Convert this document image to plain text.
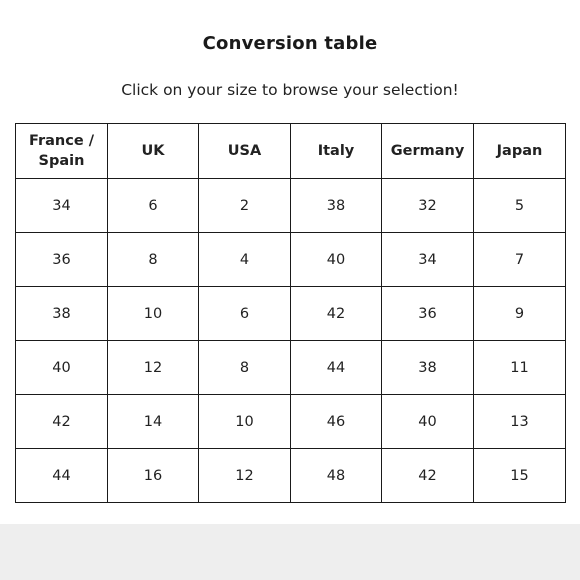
Conversion table
Click on your size to browse your selection!
France / Spain	UK	USA	Italy	Germany	Japan
34	6	2	38	32	5
36	8	4	40	34	7
38	10	6	42	36	9
40	12	8	44	38	11
42	14	10	46	40	13
44	16	12	48	42	15
